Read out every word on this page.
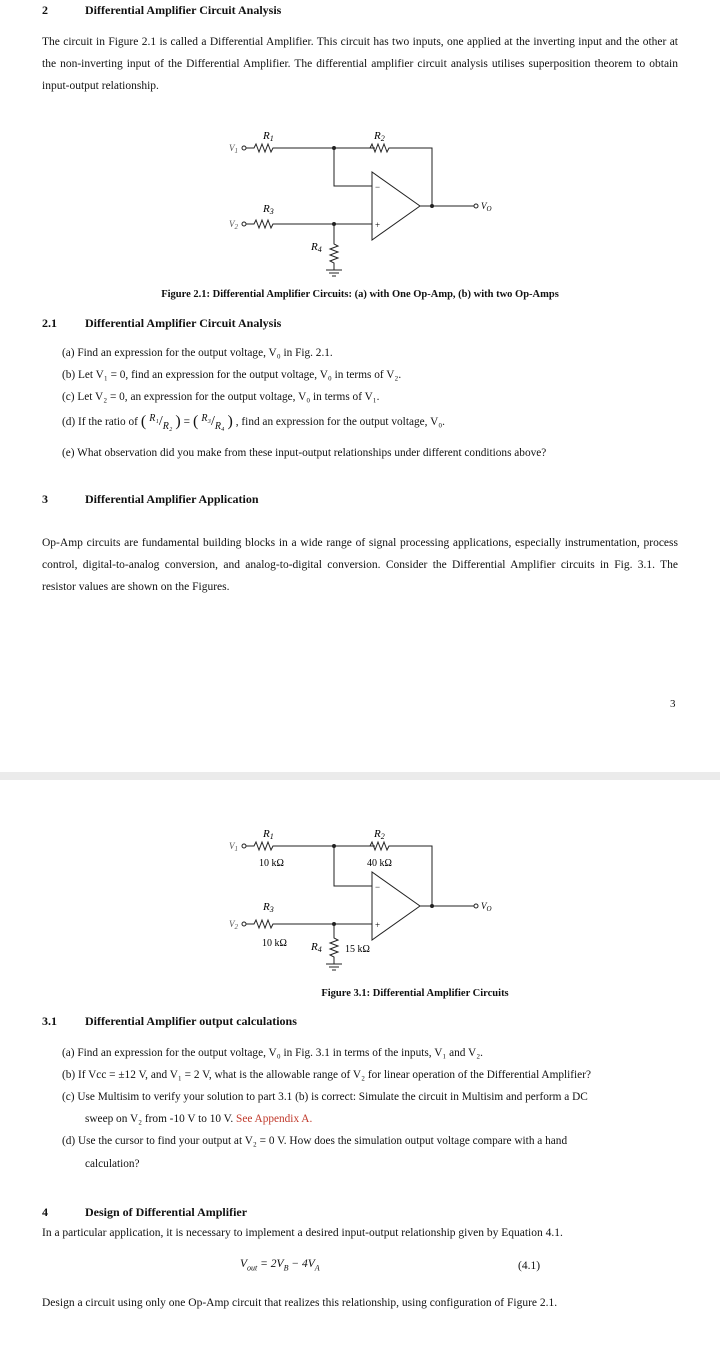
2	Differential Amplifier Circuit Analysis
The circuit in Figure 2.1 is called a Differential Amplifier. This circuit has two inputs, one applied at the inverting input and the other at the non-inverting input of the Differential Amplifier. The differential amplifier circuit analysis utilises superposition theorem to obtain input-output relationship.
R1	R2
R3
R4
$V_1$
$V_2$
$V_O$
−
+
Figure 2.1: Differential Amplifier Circuits: (a) with One Op-Amp, (b) with two Op-Amps
2.1 Differential Amplifier Circuit Analysis
(a) Find an expression for the output voltage, V₀ in Fig. 2.1.
(b) Let V₁ = 0, find an expression for the output voltage, V₀ in terms of V₂.
(c) Let V₂ = 0, an expression for the output voltage, V₀ in terms of V₁.
(d) If the ratio of ( R₁ / R₂ ) = ( R₃ / R₄ ) , find an expression for the output voltage, V₀.
(e) What observation did you make from these input-output relationships under different conditions above?
3	Differential Amplifier Application
Op-Amp circuits are fundamental building blocks in a wide range of signal processing applications, especially instrumentation, process control, digital-to-analog conversion, and analog-to-digital conversion. Consider the Differential Amplifier circuits in Fig. 3.1. The resistor values are shown on the Figures.
3
R1	R2
10 kΩ	40 kΩ
R3
10 kΩ R4 15 kΩ
$V_1$
$V_2$
$V_O$
−
+
Figure 3.1: Differential Amplifier Circuits
3.1 Differential Amplifier output calculations
(a) Find an expression for the output voltage, V₀ in Fig. 3.1 in terms of the inputs, V₁ and V₂.
(b) If Vcc = ±12 V, and V₁ = 2 V, what is the allowable range of V₂ for linear operation of the Differential Amplifier?
(c) Use Multisim to verify your solution to part 3.1 (b) is correct: Simulate the circuit in Multisim and perform a DC
sweep on V₂ from -10 V to 10 V. See Appendix A.
(d) Use the cursor to find your output at V₂ = 0 V. How does the simulation output voltage compare with a hand
calculation?
4	Design of Differential Amplifier
In a particular application, it is necessary to implement a desired input-output relationship given by Equation 4.1.
$V_{out} = 2V_B - 4V_A$	(4.1)
Design a circuit using only one Op-Amp circuit that realizes this relationship, using configuration of Figure 2.1.
